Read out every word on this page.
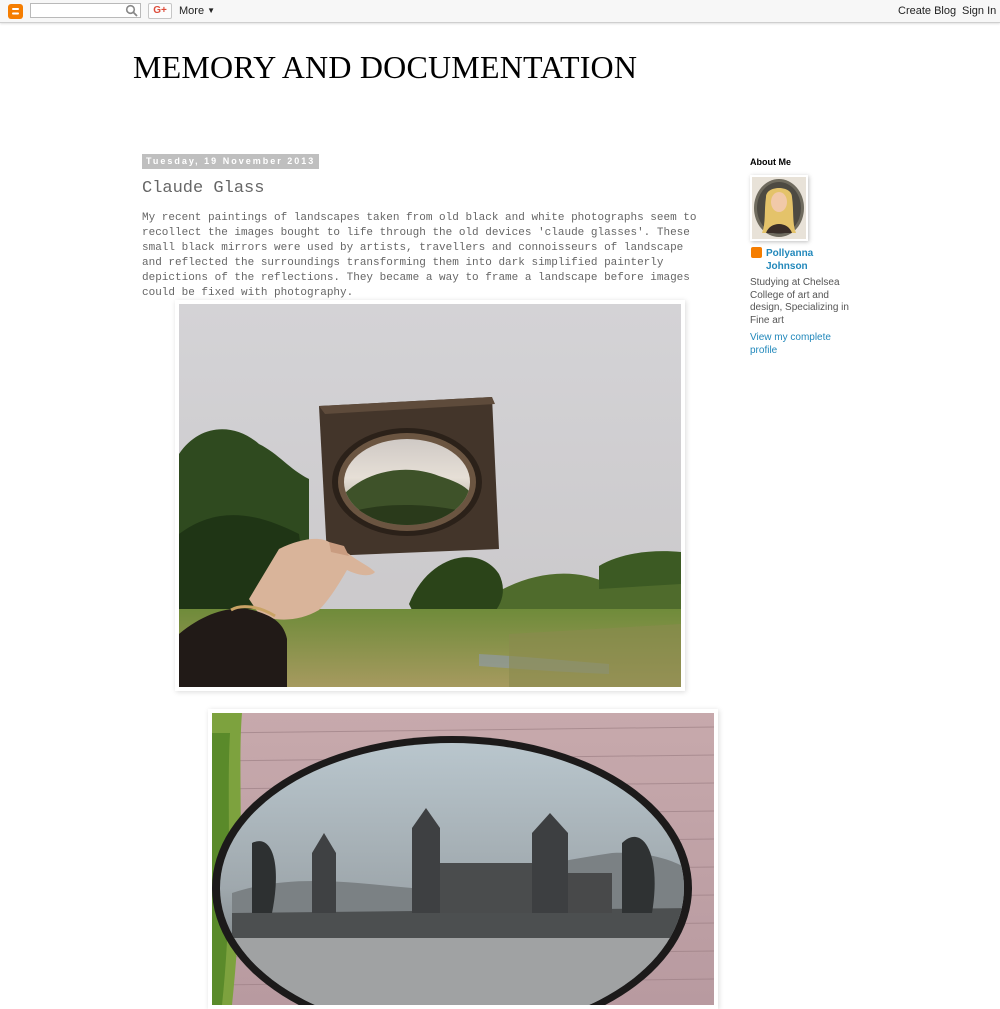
G+	More ▼	Create Blog Sign In
MEMORY AND DOCUMENTATION
Tuesday, 19 November 2013
Claude Glass

My recent paintings of landscapes taken from old black and white photographs seem to recollect the images bought to life through the old devices 'claude glasses'. These small black mirrors were used by artists, travellers and connoisseurs of landscape and reflected the surroundings transforming them into dark simplified painterly depictions of the reflections. They became a way to frame a landscape before images could be fixed with photography.

About Me
Pollyanna Johnson

Studying at Chelsea College of art and design, Specializing in Fine art

View my complete profile
